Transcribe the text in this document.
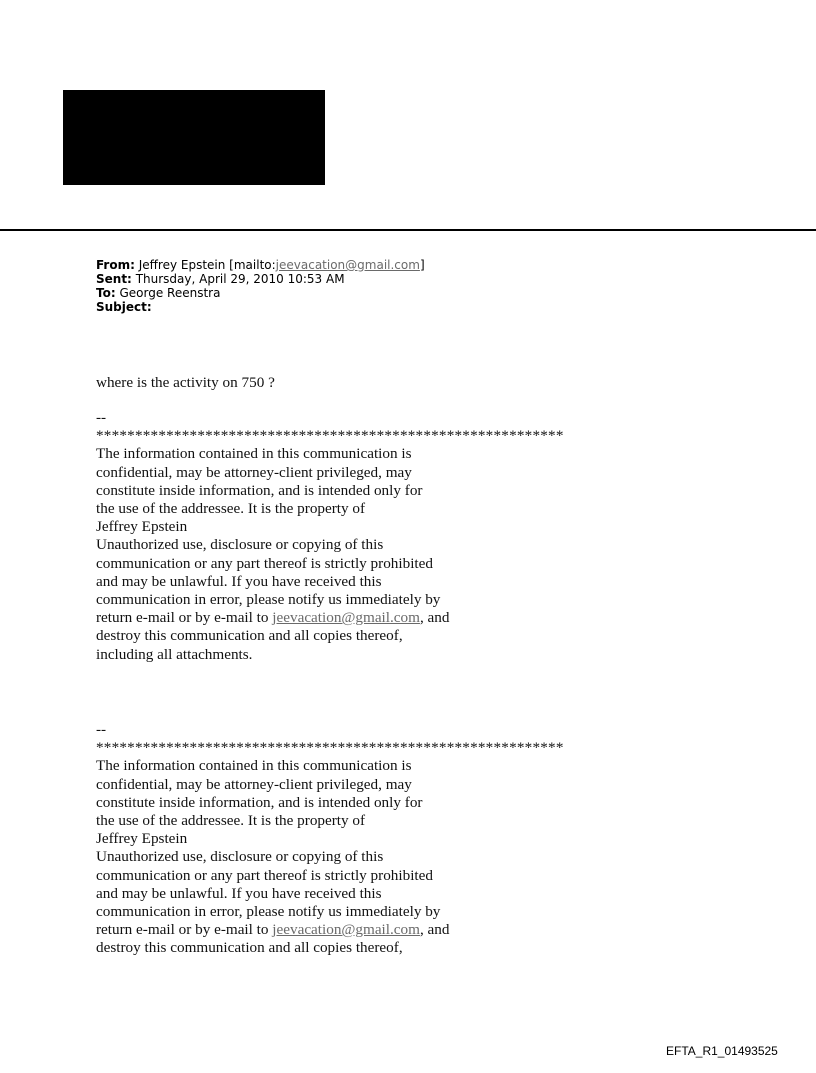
From: Jeffrey Epstein [mailto:jeevacation@gmail.com]
Sent: Thursday, April 29, 2010 10:53 AM
To: George Reenstra
Subject:
where is the activity on 750 ?
--
************************************************************
The information contained in this communication is
confidential, may be attorney-client privileged, may
constitute inside information, and is intended only for
the use of the addressee. It is the property of
Jeffrey Epstein
Unauthorized use, disclosure or copying of this
communication or any part thereof is strictly prohibited
and may be unlawful. If you have received this
communication in error, please notify us immediately by
return e-mail or by e-mail to jeevacation@gmail.com, and
destroy this communication and all copies thereof,
including all attachments.
--
************************************************************
The information contained in this communication is
confidential, may be attorney-client privileged, may
constitute inside information, and is intended only for
the use of the addressee. It is the property of
Jeffrey Epstein
Unauthorized use, disclosure or copying of this
communication or any part thereof is strictly prohibited
and may be unlawful. If you have received this
communication in error, please notify us immediately by
return e-mail or by e-mail to jeevacation@gmail.com, and
destroy this communication and all copies thereof,
EFTA_R1_01493525
